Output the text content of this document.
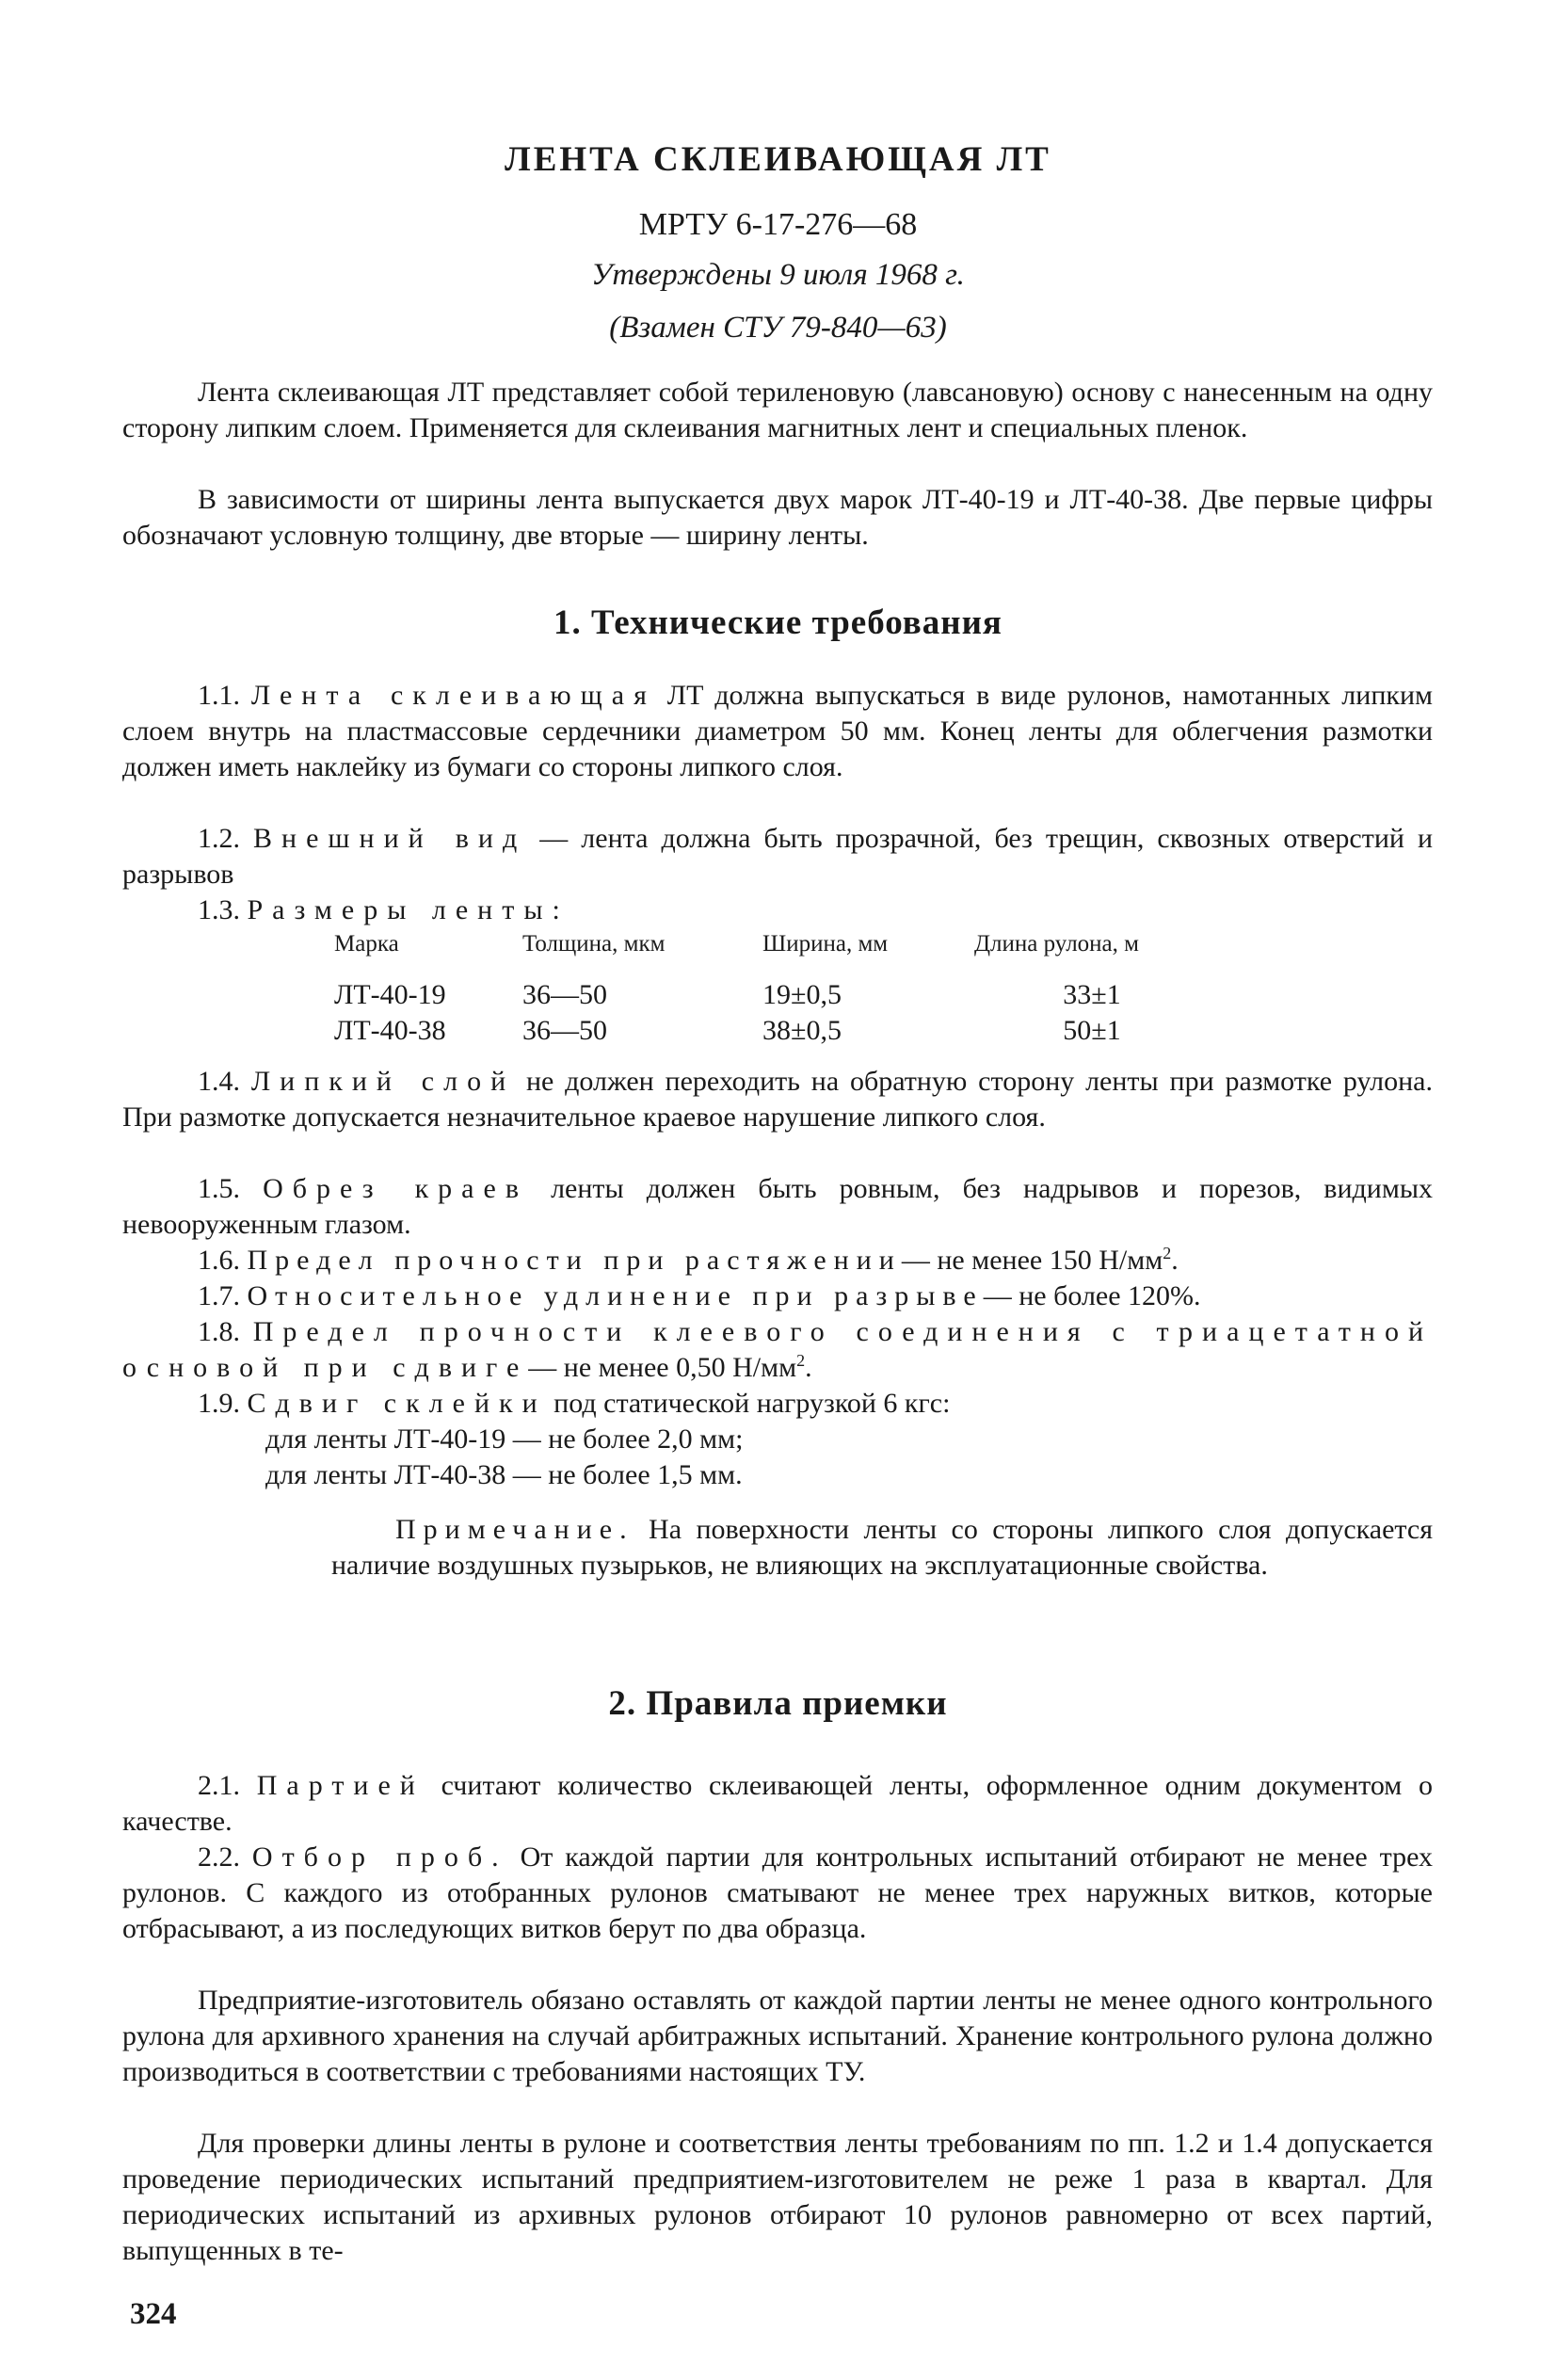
ЛЕНТА СКЛЕИВАЮЩАЯ ЛТ
МРТУ 6-17-276—68
Утверждены 9 июля 1968 г.
(Взамен СТУ 79-840—63)

Лента склеивающая ЛТ представляет собой териленовую (лавсановую) основу с нанесенным на одну сторону липким слоем. Применяется для склеивания магнитных лент и специальных пленок.

В зависимости от ширины лента выпускается двух марок ЛТ-40-19 и ЛТ-40-38. Две первые цифры обозначают условную толщину, две вторые — ширину ленты.

1. Технические требования

1.1. Лента склеивающая ЛТ должна выпускаться в виде рулонов, намотанных липким слоем внутрь на пластмассовые сердечники диаметром 50 мм. Конец ленты для облегчения размотки должен иметь наклейку из бумаги со стороны липкого слоя.

1.2. Внешний вид — лента должна быть прозрачной, без трещин, сквозных отверстий и разрывов

1.3. Размеры ленты:

Марка	Толщина, мкм	Ширина, мм	Длина рулона, м
ЛТ-40-19	36—50	19±0,5	33±1
ЛТ-40-38	36—50	38±0,5	50±1

1.4. Липкий слой не должен переходить на обратную сторону ленты при размотке рулона. При размотке допускается незначительное краевое нарушение липкого слоя.

1.5. Обрез краев ленты должен быть ровным, без надрывов и порезов, видимых невооруженным глазом.

1.6. Предел прочности при растяжении— не менее 150 $Н/мм^2$.

1.7. Относительное удлинение при разрыве— не более 120%.

1.8. Предел прочности клеевого соединения с триацетатной основой при сдвиге— не менее 0,50 $Н/мм^2$.

1.9. Сдвиг склейки под статической нагрузкой 6 кгс:

для ленты ЛТ-40-19 — не более 2,0 мм;
для ленты ЛТ-40-38 — не более 1,5 мм.

Примечание. На поверхности ленты со стороны липкого слоя допускается наличие воздушных пузырьков, не влияющих на эксплуатационные свойства.

2. Правила приемки

2.1. Партией считают количество склеивающей ленты, оформленное одним документом о качестве.

2.2. Отбор проб. От каждой партии для контрольных испытаний отбирают не менее трех рулонов. С каждого из отобранных рулонов сматывают не менее трех наружных витков, которые отбрасывают, а из последующих витков берут по два образца.

Предприятие-изготовитель обязано оставлять от каждой партии ленты не менее одного контрольного рулона для архивного хранения на случай арбитражных испытаний. Хранение контрольного рулона должно производиться в соответствии с требованиями настоящих ТУ.

Для проверки длины ленты в рулоне и соответствия ленты требованиям по пп. 1.2 и 1.4 допускается проведение периодических испытаний предприятием-изготовителем не реже 1 раза в квартал. Для периодических испытаний из архивных рулонов отбирают 10 рулонов равномерно от всех партий, выпущенных в те-

324
